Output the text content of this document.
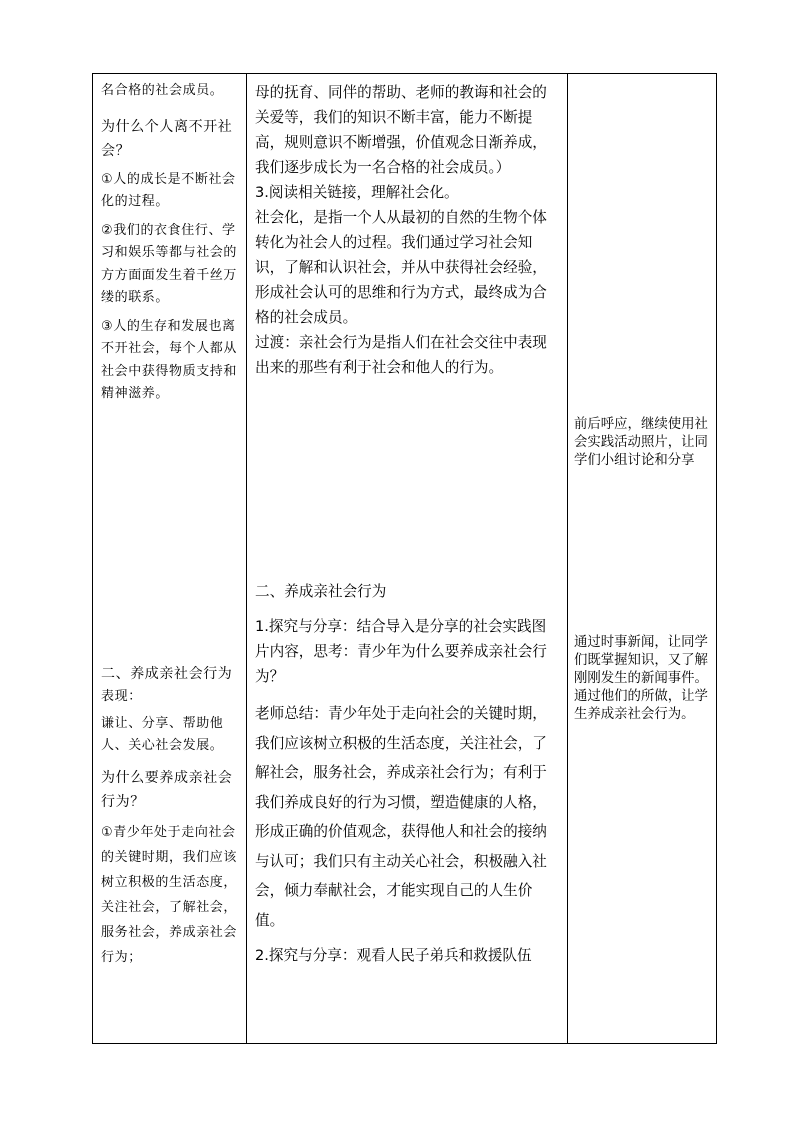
名合格的社会成员。

为什么个人离不开社会？

①人的成长是不断社会化的过程。

②我们的衣食住行、学习和娱乐等都与社会的方方面面发生着千丝万缕的联系。

③人的生存和发展也离不开社会，每个人都从社会中获得物质支持和精神滋养。

二、养成亲社会行为

表现：

谦让、分享、帮助他人、关心社会发展。

为什么要养成亲社会行为？

①青少年处于走向社会的关键时期，我们应该树立积极的生活态度，关注社会，了解社会，服务社会，养成亲社会行为；

母的抚育、同伴的帮助、老师的教诲和社会的关爱等，我们的知识不断丰富，能力不断提高，规则意识不断增强，价值观念日渐养成，我们逐步成长为一名合格的社会成员。）

3.阅读相关链接，理解社会化。

社会化，是指一个人从最初的自然的生物个体转化为社会人的过程。我们通过学习社会知识，了解和认识社会，并从中获得社会经验，形成社会认可的思维和行为方式，最终成为合格的社会成员。

过渡：亲社会行为是指人们在社会交往中表现出来的那些有利于社会和他人的行为。

二、养成亲社会行为

1.探究与分享：结合导入是分享的社会实践图片内容，思考：青少年为什么要养成亲社会行为？

老师总结：青少年处于走向社会的关键时期，我们应该树立积极的生活态度，关注社会，了解社会，服务社会，养成亲社会行为；有利于我们养成良好的行为习惯，塑造健康的人格，形成正确的价值观念，获得他人和社会的接纳与认可；我们只有主动关心社会，积极融入社会，倾力奉献社会，才能实现自己的人生价值。

2.探究与分享：观看人民子弟兵和救援队伍

前后呼应，继续使用社会实践活动照片，让同学们小组讨论和分享

通过时事新闻，让同学们既掌握知识，又了解刚刚发生的新闻事件。通过他们的所做，让学生养成亲社会行为。
